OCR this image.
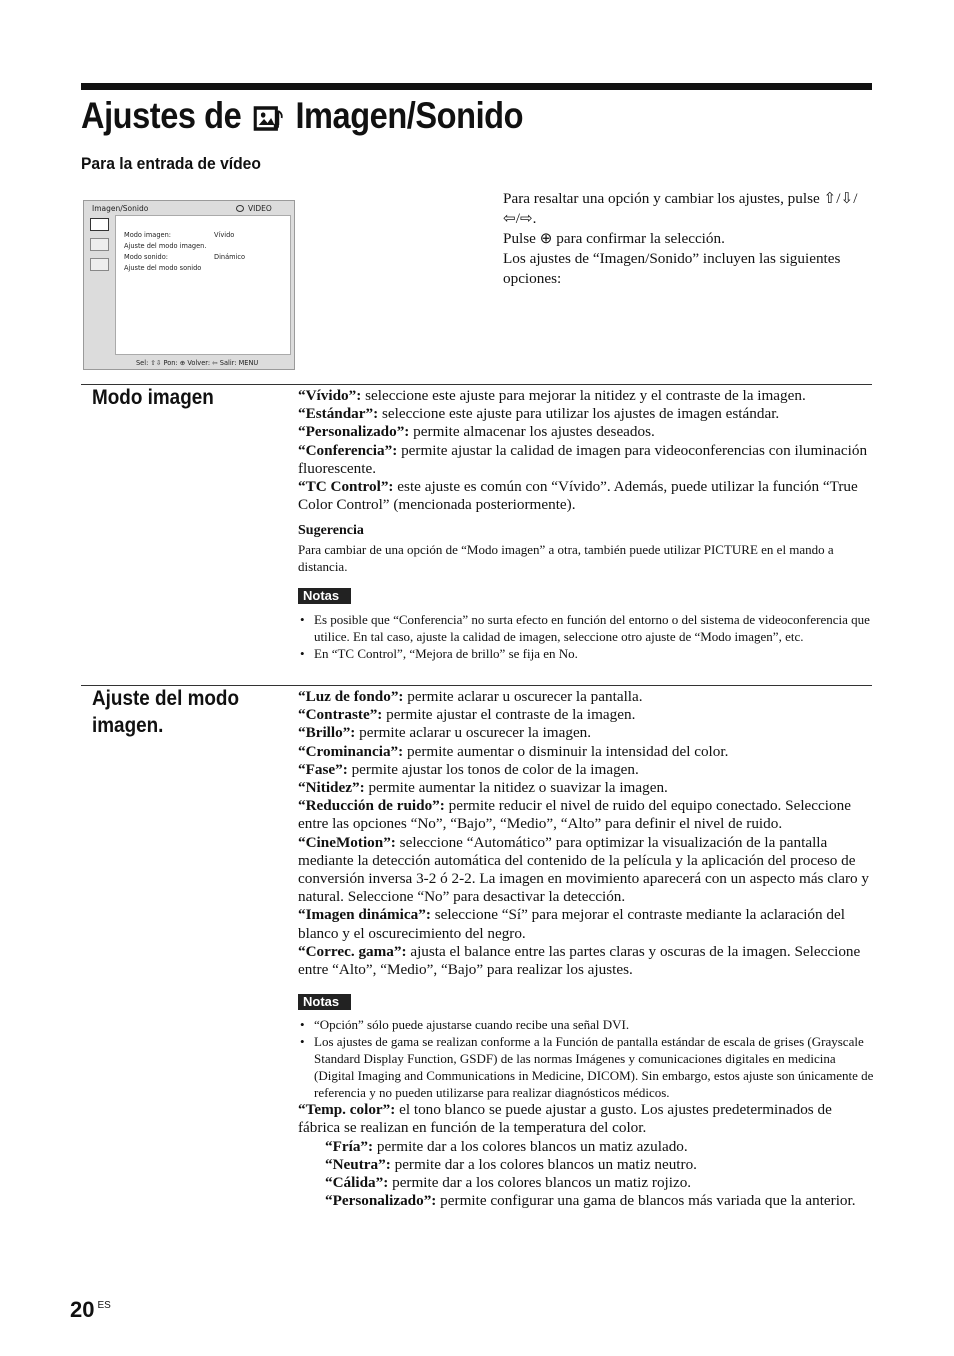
Ajustes de Imagen/Sonido
Para la entrada de vídeo
Imagen/Sonido	VIDEO
Modo imagen:	Vívido
Ajuste del modo imagen.
Modo sonido:	Dinámico
Ajuste del modo sonido
Sel: ⇧⇩ Pon: ⊕ Volver: ⇦ Salir: MENU

Para resaltar una opción y cambiar los ajustes, pulse ⇧/⇩/⇦/⇨.

Pulse ⊕ para confirmar la selección.

Los ajustes de “Imagen/Sonido” incluyen las siguientes opciones:

Modo imagen	“Vívido”: seleccione este ajuste para mejorar la nitidez y el contraste de la imagen.

“Estándar”: seleccione este ajuste para utilizar los ajustes de imagen estándar.

“Personalizado”: permite almacenar los ajustes deseados.

“Conferencia”: permite ajustar la calidad de imagen para videoconferencias con iluminación fluorescente.

“TC Control”: este ajuste es común con “Vívido”. Además, puede utilizar la función “True Color Control” (mencionada posteriormente).

Sugerencia

Para cambiar de una opción de “Modo imagen” a otra, también puede utilizar PICTURE en el mando a distancia.

Notas

• Es posible que “Conferencia” no surta efecto en función del entorno o del sistema de videoconferencia que utilice. En tal caso, ajuste la calidad de imagen, seleccione otro ajuste de “Modo imagen”, etc.
• En “TC Control”, “Mejora de brillo” se fija en No.
Ajuste del modo imagen.

“Luz de fondo”: permite aclarar u oscurecer la pantalla.

“Contraste”: permite ajustar el contraste de la imagen.

“Brillo”: permite aclarar u oscurecer la imagen.

“Crominancia”: permite aumentar o disminuir la intensidad del color.

“Fase”: permite ajustar los tonos de color de la imagen.

“Nitidez”: permite aumentar la nitidez o suavizar la imagen.

“Reducción de ruido”: permite reducir el nivel de ruido del equipo conectado. Seleccione entre las opciones “No”, “Bajo”, “Medio”, “Alto” para definir el nivel de ruido.

“CineMotion”: seleccione “Automático” para optimizar la visualización de la pantalla mediante la detección automática del contenido de la película y la aplicación del proceso de conversión inversa 3-2 ó 2-2. La imagen en movimiento aparecerá con un aspecto más claro y natural. Seleccione “No” para desactivar la detección.

“Imagen dinámica”: seleccione “Sí” para mejorar el contraste mediante la aclaración del blanco y el oscurecimiento del negro.

“Correc. gama”: ajusta el balance entre las partes claras y oscuras de la imagen. Seleccione entre “Alto”, “Medio”, “Bajo” para realizar los ajustes.

Notas

• “Opción” sólo puede ajustarse cuando recibe una señal DVI.
• Los ajustes de gama se realizan conforme a la Función de pantalla estándar de escala de grises (Grayscale Standard Display Function, GSDF) de las normas Imágenes y comunicaciones digitales en medicina (Digital Imaging and Communications in Medicine, DICOM). Sin embargo, estos ajuste son únicamente de referencia y no pueden utilizarse para realizar diagnósticos médicos.

“Temp. color”: el tono blanco se puede ajustar a gusto. Los ajustes predeterminados de fábrica se realizan en función de la temperatura del color.

“Fría”: permite dar a los colores blancos un matiz azulado.

“Neutra”: permite dar a los colores blancos un matiz neutro.

“Cálida”: permite dar a los colores blancos un matiz rojizo.

“Personalizado”: permite configurar una gama de blancos más variada que la anterior.

20 $^{ES}$
